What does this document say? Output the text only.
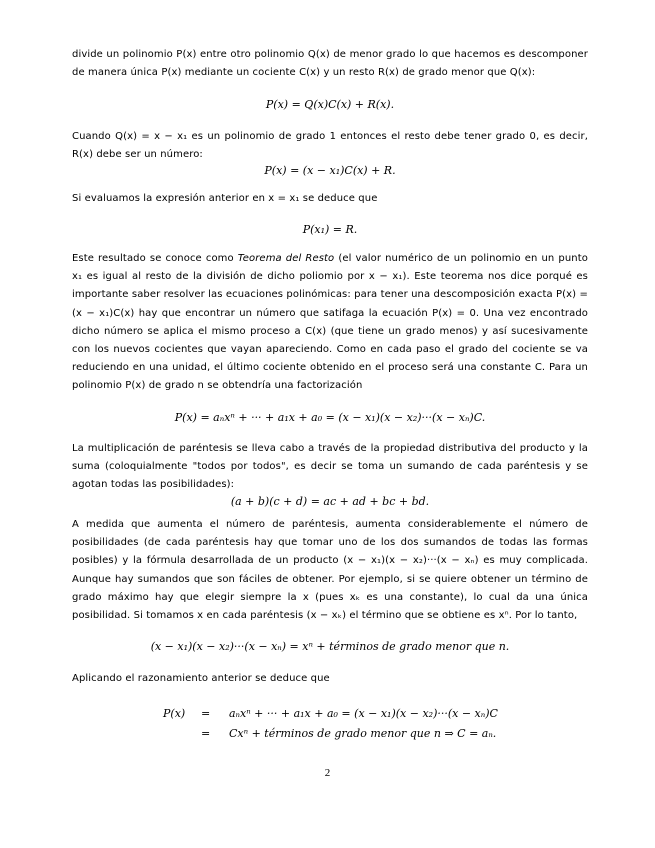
divide un polinomio P(x) entre otro polinomio Q(x) de menor grado lo que hacemos es descomponer de manera única P(x) mediante un cociente C(x) y un resto R(x) de grado menor que Q(x):
P(x) = Q(x)C(x) + R(x).
Cuando Q(x) = x − x₁ es un polinomio de grado 1 entonces el resto debe tener grado 0, es decir, R(x) debe ser un número:
P(x) = (x − x₁)C(x) + R.
Si evaluamos la expresión anterior en x = x₁ se deduce que
P(x₁) = R.
Este resultado se conoce como Teorema del Resto (el valor numérico de un polinomio en un punto x₁ es igual al resto de la división de dicho poliomio por x − x₁). Este teorema nos dice porqué es importante saber resolver las ecuaciones polinómicas: para tener una descomposición exacta P(x) = (x − x₁)C(x) hay que encontrar un número que satifaga la ecuación P(x) = 0. Una vez encontrado dicho número se aplica el mismo proceso a C(x) (que tiene un grado menos) y así sucesivamente con los nuevos cocientes que vayan apareciendo. Como en cada paso el grado del cociente se va reduciendo en una unidad, el último cociente obtenido en el proceso será una constante C. Para un polinomio P(x) de grado n se obtendría una factorización
P(x) = aₙxⁿ + ··· + a₁x + a₀ = (x − x₁)(x − x₂)···(x − xₙ)C.
La multiplicación de paréntesis se lleva cabo a través de la propiedad distributiva del producto y la suma (coloquialmente "todos por todos", es decir se toma un sumando de cada paréntesis y se agotan todas las posibilidades):
(a + b)(c + d) = ac + ad + bc + bd.
A medida que aumenta el número de paréntesis, aumenta considerablemente el número de posibilidades (de cada paréntesis hay que tomar uno de los dos sumandos de todas las formas posibles) y la fórmula desarrollada de un producto (x − x₁)(x − x₂)···(x − xₙ) es muy complicada. Aunque hay sumandos que son fáciles de obtener. Por ejemplo, si se quiere obtener un término de grado máximo hay que elegir siempre la x (pues xₖ es una constante), lo cual da una única posibilidad. Si tomamos x en cada paréntesis (x − xₖ) el término que se obtiene es xⁿ. Por lo tanto,
(x − x₁)(x − x₂)···(x − xₙ) = xⁿ + términos de grado menor que n.
Aplicando el razonamiento anterior se deduce que
P(x) = aₙxⁿ + ··· + a₁x + a₀ = (x − x₁)(x − x₂)···(x − xₙ)C
= Cxⁿ + términos de grado menor que n ⇒ C = aₙ.
2
